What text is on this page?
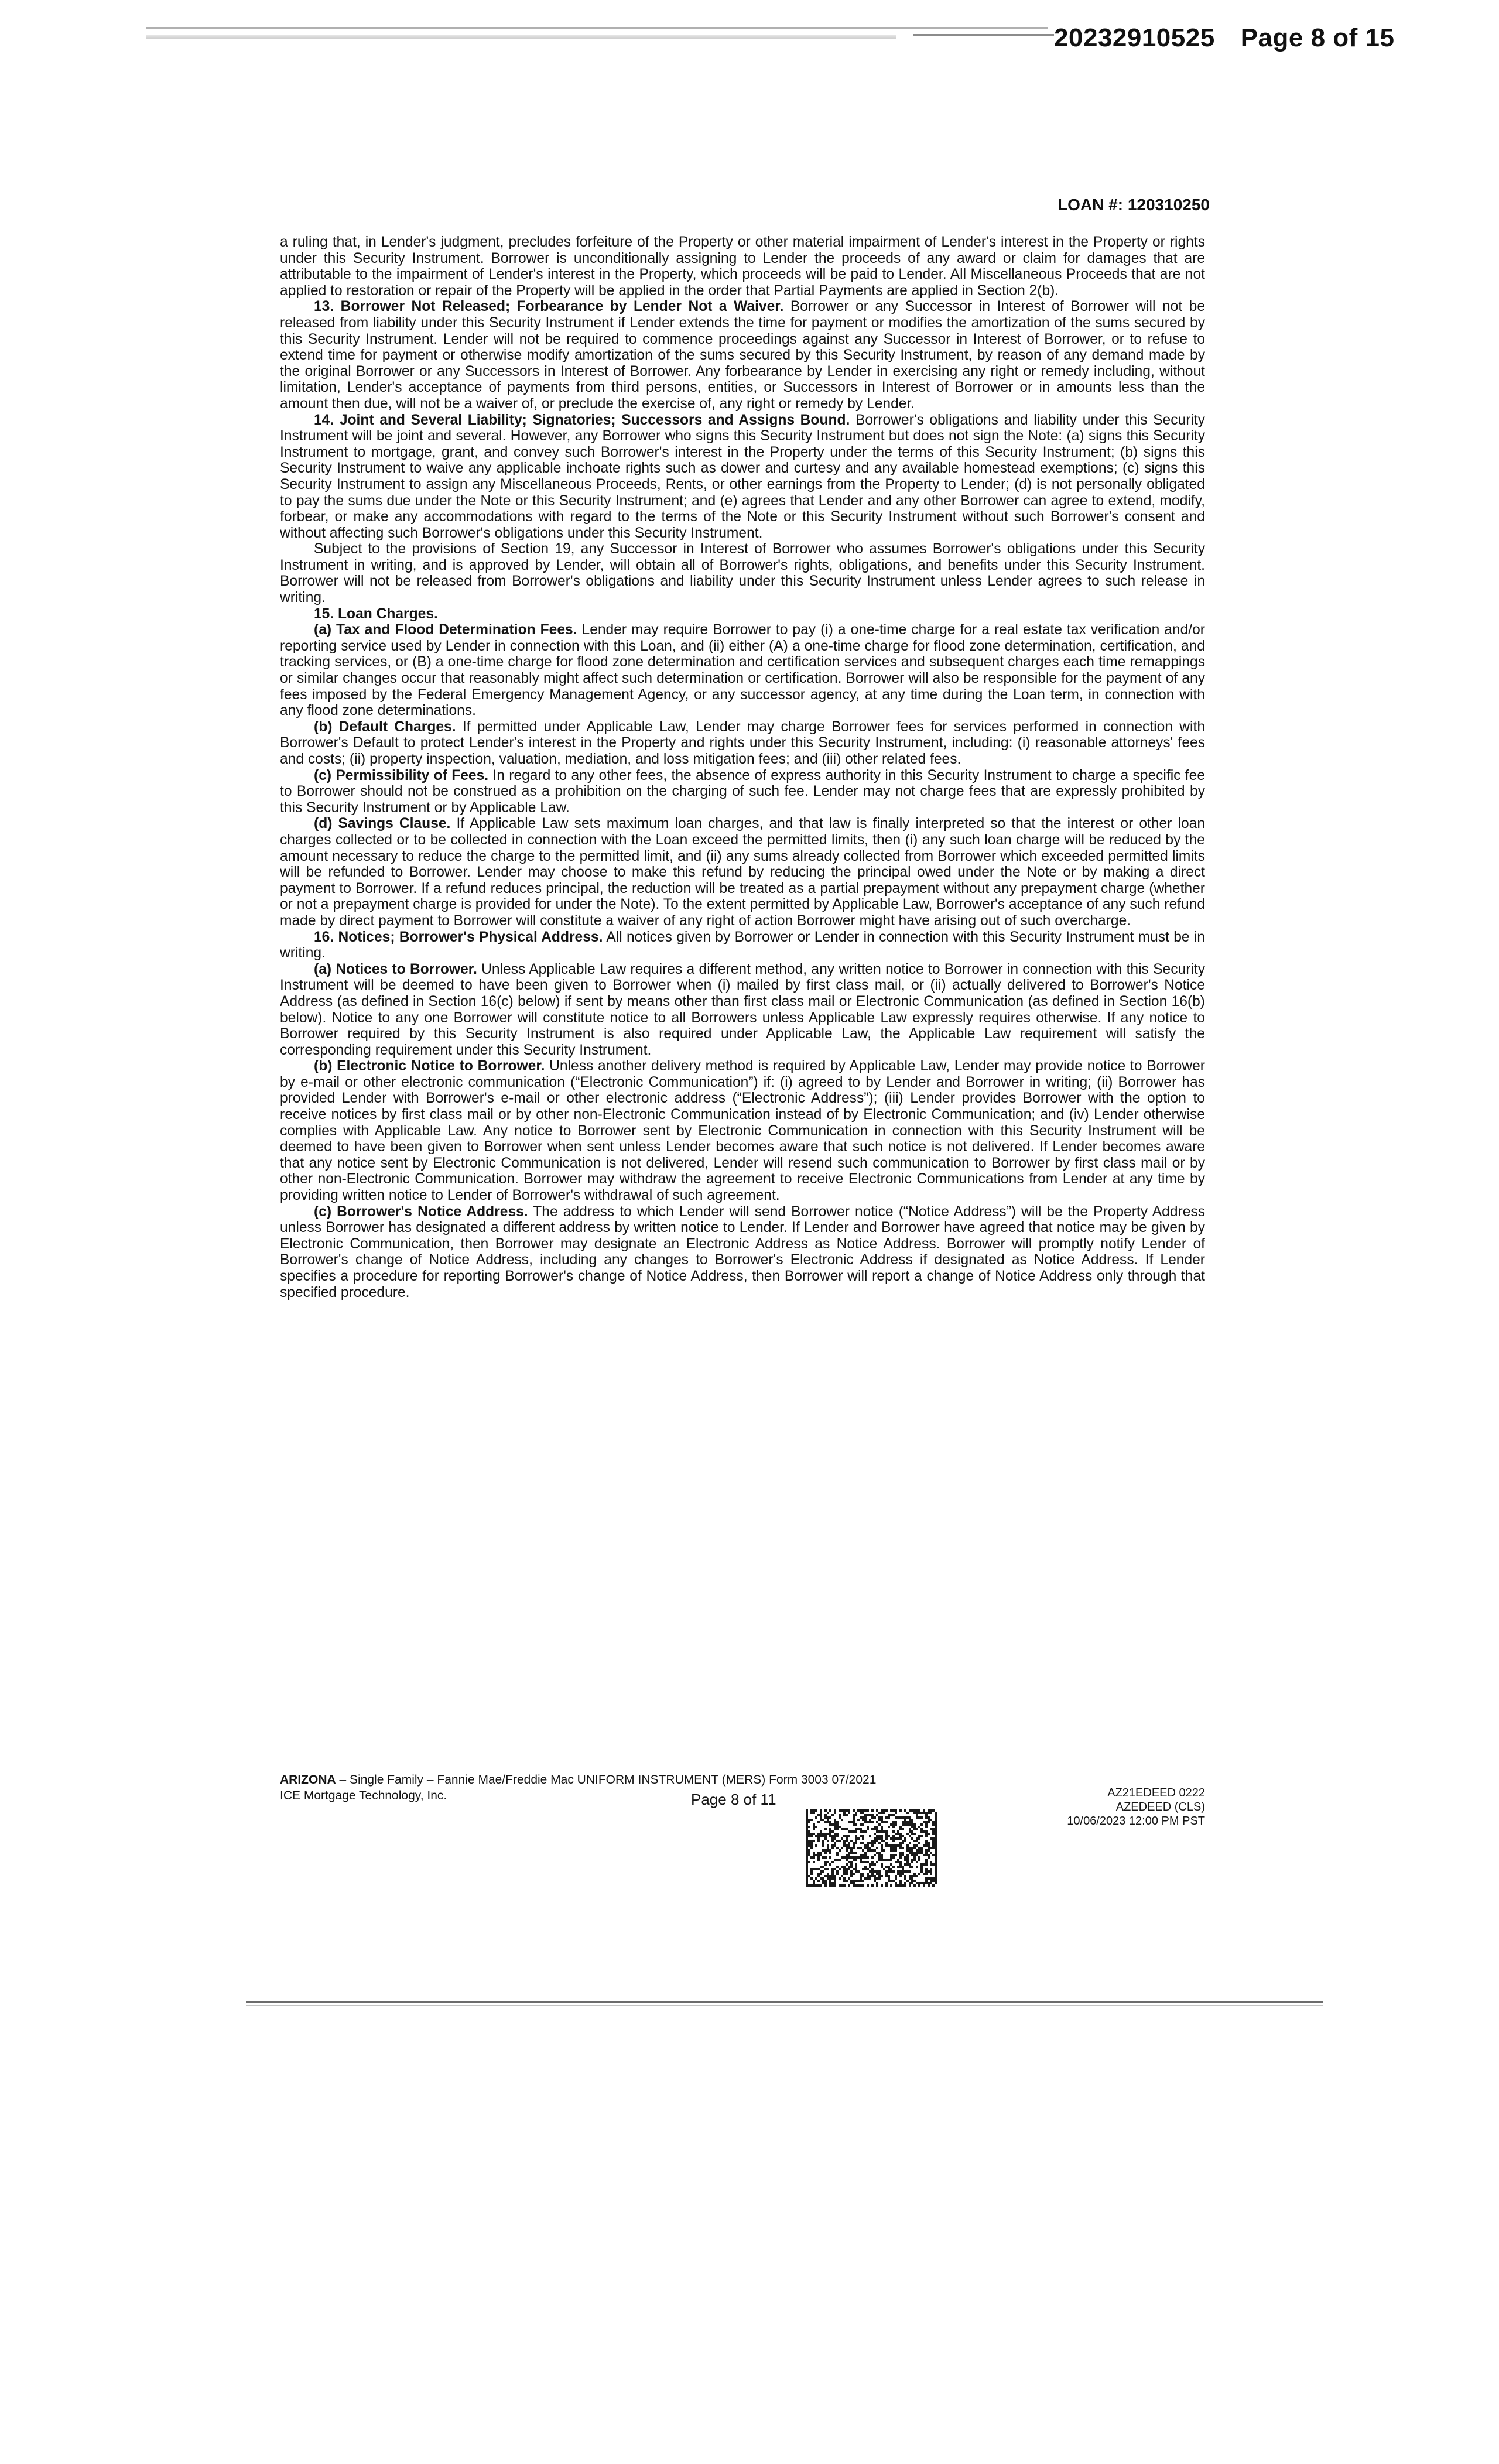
20232910525 Page 8 of 15
LOAN #: 120310250

a ruling that, in Lender's judgment, precludes forfeiture of the Property or other material impairment of Lender's interest in the Property or rights under this Security Instrument. Borrower is unconditionally assigning to Lender the proceeds of any award or claim for damages that are attributable to the impairment of Lender's interest in the Property, which proceeds will be paid to Lender. All Miscellaneous Proceeds that are not applied to restoration or repair of the Property will be applied in the order that Partial Payments are applied in Section 2(b).

13. Borrower Not Released; Forbearance by Lender Not a Waiver. Borrower or any Successor in Interest of Borrower will not be released from liability under this Security Instrument if Lender extends the time for payment or modifies the amortization of the sums secured by this Security Instrument. Lender will not be required to commence proceedings against any Successor in Interest of Borrower, or to refuse to extend time for payment or otherwise modify amortization of the sums secured by this Security Instrument, by reason of any demand made by the original Borrower or any Successors in Interest of Borrower. Any forbearance by Lender in exercising any right or remedy including, without limitation, Lender's acceptance of payments from third persons, entities, or Successors in Interest of Borrower or in amounts less than the amount then due, will not be a waiver of, or preclude the exercise of, any right or remedy by Lender.

14. Joint and Several Liability; Signatories; Successors and Assigns Bound. Borrower's obligations and liability under this Security Instrument will be joint and several. However, any Borrower who signs this Security Instrument but does not sign the Note: (a) signs this Security Instrument to mortgage, grant, and convey such Borrower's interest in the Property under the terms of this Security Instrument; (b) signs this Security Instrument to waive any applicable inchoate rights such as dower and curtesy and any available homestead exemptions; (c) signs this Security Instrument to assign any Miscellaneous Proceeds, Rents, or other earnings from the Property to Lender; (d) is not personally obligated to pay the sums due under the Note or this Security Instrument; and (e) agrees that Lender and any other Borrower can agree to extend, modify, forbear, or make any accommodations with regard to the terms of the Note or this Security Instrument without such Borrower's consent and without affecting such Borrower's obligations under this Security Instrument.

Subject to the provisions of Section 19, any Successor in Interest of Borrower who assumes Borrower's obligations under this Security Instrument in writing, and is approved by Lender, will obtain all of Borrower's rights, obligations, and benefits under this Security Instrument. Borrower will not be released from Borrower's obligations and liability under this Security Instrument unless Lender agrees to such release in writing.

15. Loan Charges.

(a) Tax and Flood Determination Fees. Lender may require Borrower to pay (i) a one-time charge for a real estate tax verification and/or reporting service used by Lender in connection with this Loan, and (ii) either (A) a one-time charge for flood zone determination, certification, and tracking services, or (B) a one-time charge for flood zone determination and certification services and subsequent charges each time remappings or similar changes occur that reasonably might affect such determination or certification. Borrower will also be responsible for the payment of any fees imposed by the Federal Emergency Management Agency, or any successor agency, at any time during the Loan term, in connection with any flood zone determinations.

(b) Default Charges. If permitted under Applicable Law, Lender may charge Borrower fees for services performed in connection with Borrower's Default to protect Lender's interest in the Property and rights under this Security Instrument, including: (i) reasonable attorneys' fees and costs; (ii) property inspection, valuation, mediation, and loss mitigation fees; and (iii) other related fees.

(c) Permissibility of Fees. In regard to any other fees, the absence of express authority in this Security Instrument to charge a specific fee to Borrower should not be construed as a prohibition on the charging of such fee. Lender may not charge fees that are expressly prohibited by this Security Instrument or by Applicable Law.

(d) Savings Clause. If Applicable Law sets maximum loan charges, and that law is finally interpreted so that the interest or other loan charges collected or to be collected in connection with the Loan exceed the permitted limits, then (i) any such loan charge will be reduced by the amount necessary to reduce the charge to the permitted limit, and (ii) any sums already collected from Borrower which exceeded permitted limits will be refunded to Borrower. Lender may choose to make this refund by reducing the principal owed under the Note or by making a direct payment to Borrower. If a refund reduces principal, the reduction will be treated as a partial prepayment without any prepayment charge (whether or not a prepayment charge is provided for under the Note). To the extent permitted by Applicable Law, Borrower's acceptance of any such refund made by direct payment to Borrower will constitute a waiver of any right of action Borrower might have arising out of such overcharge.

16. Notices; Borrower's Physical Address. All notices given by Borrower or Lender in connection with this Security Instrument must be in writing.

(a) Notices to Borrower. Unless Applicable Law requires a different method, any written notice to Borrower in connection with this Security Instrument will be deemed to have been given to Borrower when (i) mailed by first class mail, or (ii) actually delivered to Borrower's Notice Address (as defined in Section 16(c) below) if sent by means other than first class mail or Electronic Communication (as defined in Section 16(b) below). Notice to any one Borrower will constitute notice to all Borrowers unless Applicable Law expressly requires otherwise. If any notice to Borrower required by this Security Instrument is also required under Applicable Law, the Applicable Law requirement will satisfy the corresponding requirement under this Security Instrument.

(b) Electronic Notice to Borrower. Unless another delivery method is required by Applicable Law, Lender may provide notice to Borrower by e-mail or other electronic communication (“Electronic Communication”) if: (i) agreed to by Lender and Borrower in writing; (ii) Borrower has provided Lender with Borrower's e-mail or other electronic address (“Electronic Address”); (iii) Lender provides Borrower with the option to receive notices by first class mail or by other non-Electronic Communication instead of by Electronic Communication; and (iv) Lender otherwise complies with Applicable Law. Any notice to Borrower sent by Electronic Communication in connection with this Security Instrument will be deemed to have been given to Borrower when sent unless Lender becomes aware that such notice is not delivered. If Lender becomes aware that any notice sent by Electronic Communication is not delivered, Lender will resend such communication to Borrower by first class mail or by other non-Electronic Communication. Borrower may withdraw the agreement to receive Electronic Communications from Lender at any time by providing written notice to Lender of Borrower's withdrawal of such agreement.

(c) Borrower's Notice Address. The address to which Lender will send Borrower notice (“Notice Address”) will be the Property Address unless Borrower has designated a different address by written notice to Lender. If Lender and Borrower have agreed that notice may be given by Electronic Communication, then Borrower may designate an Electronic Address as Notice Address. Borrower will promptly notify Lender of Borrower's change of Notice Address, including any changes to Borrower's Electronic Address if designated as Notice Address. If Lender specifies a procedure for reporting Borrower's change of Notice Address, then Borrower will report a change of Notice Address only through that specified procedure.

ARIZONA – Single Family – Fannie Mae/Freddie Mac UNIFORM INSTRUMENT (MERS) Form 3003 07/2021
ICE Mortgage Technology, Inc.	Page 8 of 11	AZ21EDEED 0222
AZEDEED (CLS)
10/06/2023 12:00 PM PST
